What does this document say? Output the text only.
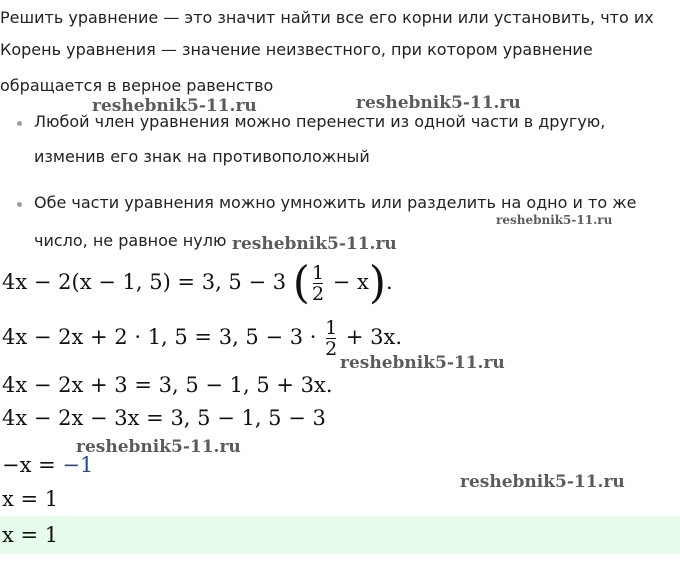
Решить уравнение — это значит найти все его корни или установить, что их
Корень уравнения — значение неизвестного, при котором уравнение
обращается в верное равенство
Любой член уравнения можно перенести из одной части в другую,
изменив его знак на противоположный
Обе части уравнения можно умножить или разделить на одно и то же
число, не равное нулю
4x − 2(x − 1, 5) = 3, 5 − 3 ( $\frac{1}{2} - x$).
4x − 2x + 2 · 1, 5 = 3, $5 - 3 \cdot \frac{1}{2} + 3x$.
4x − 2x + 3 = 3, 5 − 1, 5 + 3x.
4x − 2x − 3x = 3, 5 − 1, 5 − 3
−x = −1
x = 1
x = 1
reshebnik5-11.ru	reshebnik5-11.ru
reshebnik5-11.ru
reshebnik5-11.ru
reshebnik5-11.ru
reshebnik5-11.ru
reshebnik5-11.ru
